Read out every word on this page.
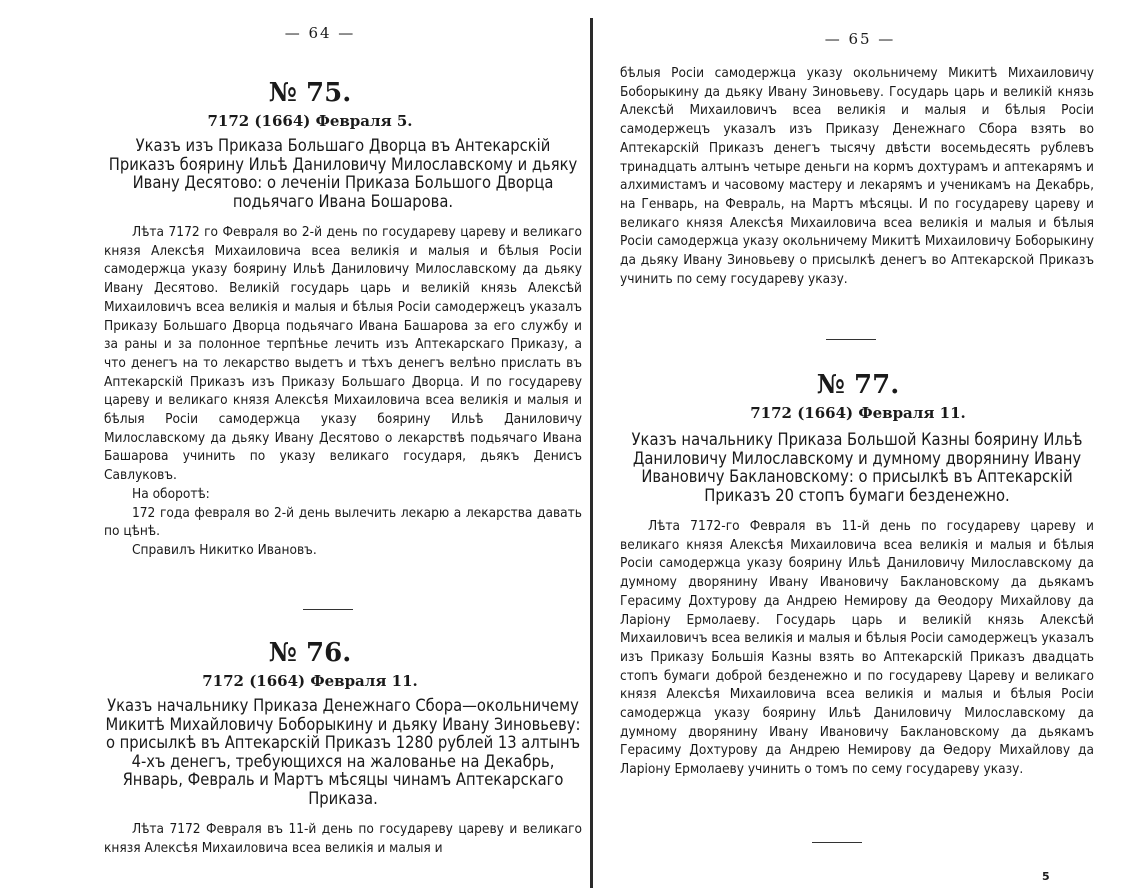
— 64 —
№ 75.
7172 (1664) Февраля 5.
Указъ изъ Приказа Большаго Дворца въ Антекарскій Приказъ боярину Ильѣ Даниловичу Милославскому и дьяку Ивану Десятово: о леченіи Приказа Большого Дворца подьячаго Ивана Бошарова.

Лѣта 7172 го Февраля во 2-й день по государеву цареву и великаго князя Алексѣя Михаиловича всеа великія и малыя и бѣлыя Росіи самодержца указу боярину Ильѣ Даниловичу Милославскому да дьяку Ивану Десятово. Великій государь царь и великій князь Алексѣй Михаиловичъ всеа великія и малыя и бѣлыя Росіи самодержецъ указалъ Приказу Большаго Дворца подьячаго Ивана Башарова за его службу и за раны и за полонное терпѣнье лечить изъ Аптекарскаго Приказу, а что денегъ на то лекарство выдетъ и тѣхъ денегъ велѣно прислать въ Аптекарскій Приказъ изъ Приказу Большаго Дворца. И по государеву цареву и великаго князя Алексѣя Михаиловича всеа великія и малыя и бѣлыя Росіи самодержца указу боярину Ильѣ Даниловичу Милославскому да дьяку Ивану Десятово о лекарствѣ подьячаго Ивана Башарова учинить по указу великаго государя, дьякъ Денисъ Савлуковъ.

На оборотѣ:

172 года февраля во 2-й день вылечить лекарю а лекарства давать по цѣнѣ.

Справилъ Никитко Ивановъ.

№ 76.
7172 (1664) Февраля 11.
Указъ начальнику Приказа Денежнаго Сбора—окольничему Микитѣ Михайловичу Боборыкину и дьяку Ивану Зиновьеву: о присылкѣ въ Аптекарскій Приказъ 1280 рублей 13 алтынъ 4-хъ денегъ, требующихся на жалованье на Декабрь, Январь, Февраль и Мартъ мѣсяцы чинамъ Аптекарскаго Приказа.

Лѣта 7172 Февраля въ 11-й день по государеву цареву и великаго князя Алексѣя Михаиловича всеа великія и малыя и

— 65 —

бѣлыя Росіи самодержца указу окольничему Микитѣ Михаиловичу Боборыкину да дьяку Ивану Зиновьеву. Государь царь и великій князь Алексѣй Михаиловичъ всеа великія и малыя и бѣлыя Росіи самодержецъ указалъ изъ Приказу Денежнаго Сбора взять во Аптекарскій Приказъ денегъ тысячу двѣсти восемьдесять рублевъ тринадцать алтынъ четыре деньги на кормъ дохтурамъ и аптекарямъ и алхимистамъ и часовому мастеру и лекарямъ и ученикамъ на Декабрь, на Генварь, на Февраль, на Мартъ мѣсяцы. И по государеву цареву и великаго князя Алексѣя Михаиловича всеа великія и малыя и бѣлыя Росіи самодержца указу окольничему Микитѣ Михаиловичу Боборыкину да дьяку Ивану Зиновьеву о присылкѣ денегъ во Аптекарской Приказъ учинить по сему государеву указу.

№ 77.
7172 (1664) Февраля 11.
Указъ начальнику Приказа Большой Казны боярину Ильѣ Даниловичу Милославскому и думному дворянину Ивану Ивановичу Баклановскому: о присылкѣ въ Аптекарскій Приказъ 20 стопъ бумаги безденежно.

Лѣта 7172-го Февраля въ 11-й день по государеву цареву и великаго князя Алексѣя Михаиловича всеа великія и малыя и бѣлыя Росіи самодержца указу боярину Ильѣ Даниловичу Милославскому да думному дворянину Ивану Ивановичу Баклановскому да дьякамъ Герасиму Дохтурову да Андрею Немирову да Ѳеодору Михайлову да Ларіону Ермолаеву. Государь царь и великій князь Алексѣй Михаиловичъ всеа великія и малыя и бѣлыя Росіи самодержецъ указалъ изъ Приказу Большія Казны взять во Аптекарскій Приказъ двадцать стопъ бумаги доброй безденежно и по государеву Цареву и великаго князя Алексѣя Михаиловича всеа великія и малыя и бѣлыя Росіи самодержца указу боярину Ильѣ Даниловичу Милославскому да думному дворянину Ивану Ивановичу Баклановскому да дьякамъ Герасиму Дохтурову да Андрею Немирову да Ѳедору Михайлову да Ларіону Ермолаеву учинить о томъ по сему государеву указу.

5
